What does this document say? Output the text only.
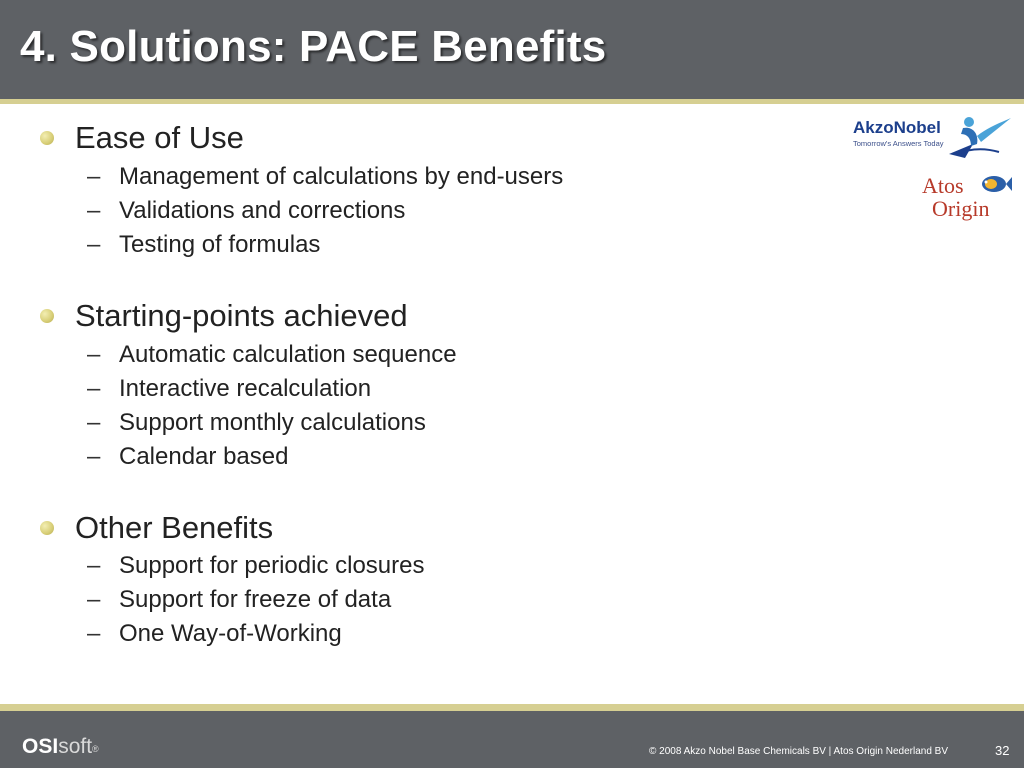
4. Solutions: PACE Benefits
Ease of Use
– Management of calculations by end-users
– Validations and corrections
– Testing of formulas
Starting-points achieved
– Automatic calculation sequence
– Interactive recalculation
– Support monthly calculations
– Calendar based
Other Benefits
– Support for periodic closures
– Support for freeze of data
– One Way-of-Working
AkzoNobel
Tomorrow's Answers Today
Atos
Origin
OSIsoft®	© 2008 Akzo Nobel Base Chemicals BV | Atos Origin Nederland BV	32
